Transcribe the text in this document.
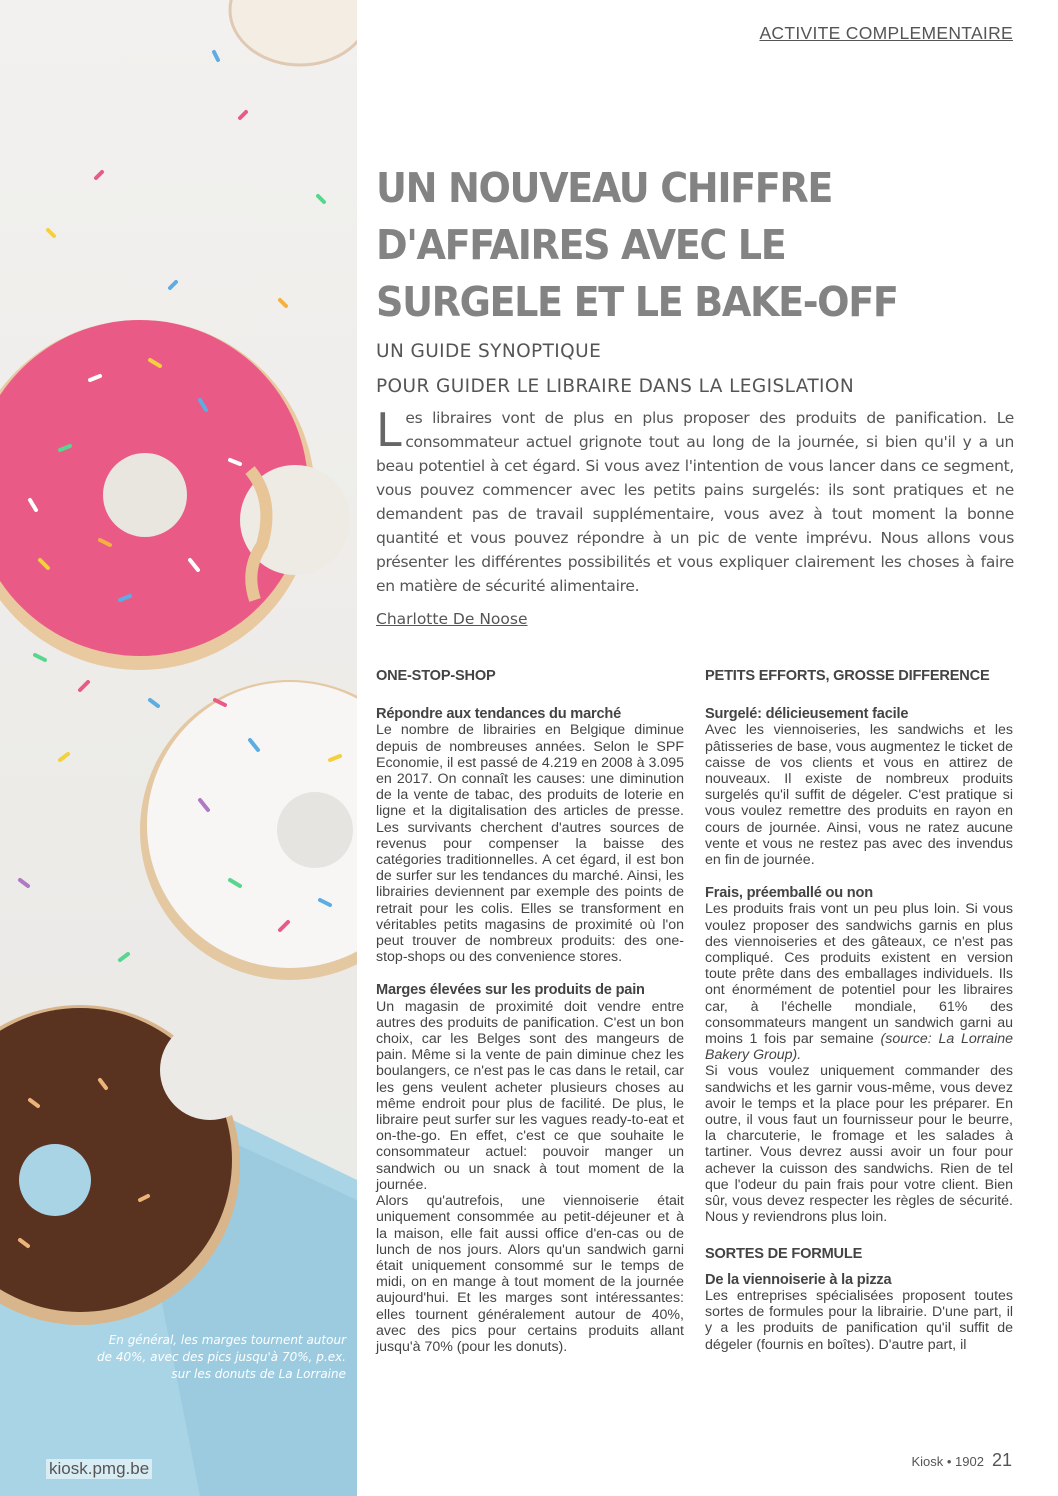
En général, les marges tournent autour de 40%, avec des pics jusqu'à 70%, p.ex. sur les donuts de La Lorraine
kiosk.pmg.be
ACTIVITE COMPLEMENTAIRE
UN NOUVEAU CHIFFRE D'AFFAIRES AVEC LE SURGELE ET LE BAKE-OFF
UN GUIDE SYNOPTIQUE
POUR GUIDER LE LIBRAIRE DANS LA LEGISLATION

Les libraires vont de plus en plus proposer des produits de panification. Le consommateur actuel grignote tout au long de la journée, si bien qu'il y a un beau potentiel à cet égard. Si vous avez l'intention de vous lancer dans ce segment, vous pouvez commencer avec les petits pains surgelés: ils sont pratiques et ne demandent pas de travail supplémentaire, vous avez à tout moment la bonne quantité et vous pouvez répondre à un pic de vente imprévu. Nous allons vous présenter les différentes possibilités et vous expliquer clairement les choses à faire en matière de sécurité alimentaire.

Charlotte De Noose
ONE-STOP-SHOP
Répondre aux tendances du marché

Le nombre de librairies en Belgique diminue depuis de nombreuses années. Selon le SPF Economie, il est passé de 4.219 en 2008 à 3.095 en 2017. On connaît les causes: une diminution de la vente de tabac, des produits de loterie en ligne et la digitalisation des articles de presse. Les survivants cherchent d'autres sources de revenus pour compenser la baisse des catégories traditionnelles. A cet égard, il est bon de surfer sur les tendances du marché. Ainsi, les librairies deviennent par exemple des points de retrait pour les colis. Elles se transforment en véritables petits magasins de proximité où l'on peut trouver de nombreux produits: des one-stop-shops ou des convenience stores.

Marges élevées sur les produits de pain

Un magasin de proximité doit vendre entre autres des produits de panification. C'est un bon choix, car les Belges sont des mangeurs de pain. Même si la vente de pain diminue chez les boulangers, ce n'est pas le cas dans le retail, car les gens veulent acheter plusieurs choses au même endroit pour plus de facilité. De plus, le libraire peut surfer sur les vagues ready-to-eat et on-the-go. En effet, c'est ce que souhaite le consommateur actuel: pouvoir manger un sandwich ou un snack à tout moment de la journée.

Alors qu'autrefois, une viennoiserie était uniquement consommée au petit-déjeuner et à la maison, elle fait aussi office d'en-cas ou de lunch de nos jours. Alors qu'un sandwich garni était uniquement consommé sur le temps de midi, on en mange à tout moment de la journée aujourd'hui. Et les marges sont intéressantes: elles tournent généralement autour de 40%, avec des pics pour certains produits allant jusqu'à 70% (pour les donuts).

PETITS EFFORTS, GROSSE DIFFERENCE
Surgelé: délicieusement facile

Avec les viennoiseries, les sandwichs et les pâtisseries de base, vous augmentez le ticket de caisse de vos clients et vous en attirez de nouveaux. Il existe de nombreux produits surgelés qu'il suffit de dégeler. C'est pratique si vous voulez remettre des produits en rayon en cours de journée. Ainsi, vous ne ratez aucune vente et vous ne restez pas avec des invendus en fin de journée.

Frais, préemballé ou non

Les produits frais vont un peu plus loin. Si vous voulez proposer des sandwichs garnis en plus des viennoiseries et des gâteaux, ce n'est pas compliqué. Ces produits existent en version toute prête dans des emballages individuels. Ils ont énormément de potentiel pour les libraires car, à l'échelle mondiale, 61% des consommateurs mangent un sandwich garni au moins 1 fois par semaine (source: La Lorraine Bakery Group).

Si vous voulez uniquement commander des sandwichs et les garnir vous-même, vous devez avoir le temps et la place pour les préparer. En outre, il vous faut un fournisseur pour le beurre, la charcuterie, le fromage et les salades à tartiner. Vous devrez aussi avoir un four pour achever la cuisson des sandwichs. Rien de tel que l'odeur du pain frais pour votre client. Bien sûr, vous devez respecter les règles de sécurité. Nous y reviendrons plus loin.

SORTES DE FORMULE
De la viennoiserie à la pizza

Les entreprises spécialisées proposent toutes sortes de formules pour la librairie. D'une part, il y a les produits de panification qu'il suffit de dégeler (fournis en boîtes). D'autre part, il

Kiosk • 1902 21
